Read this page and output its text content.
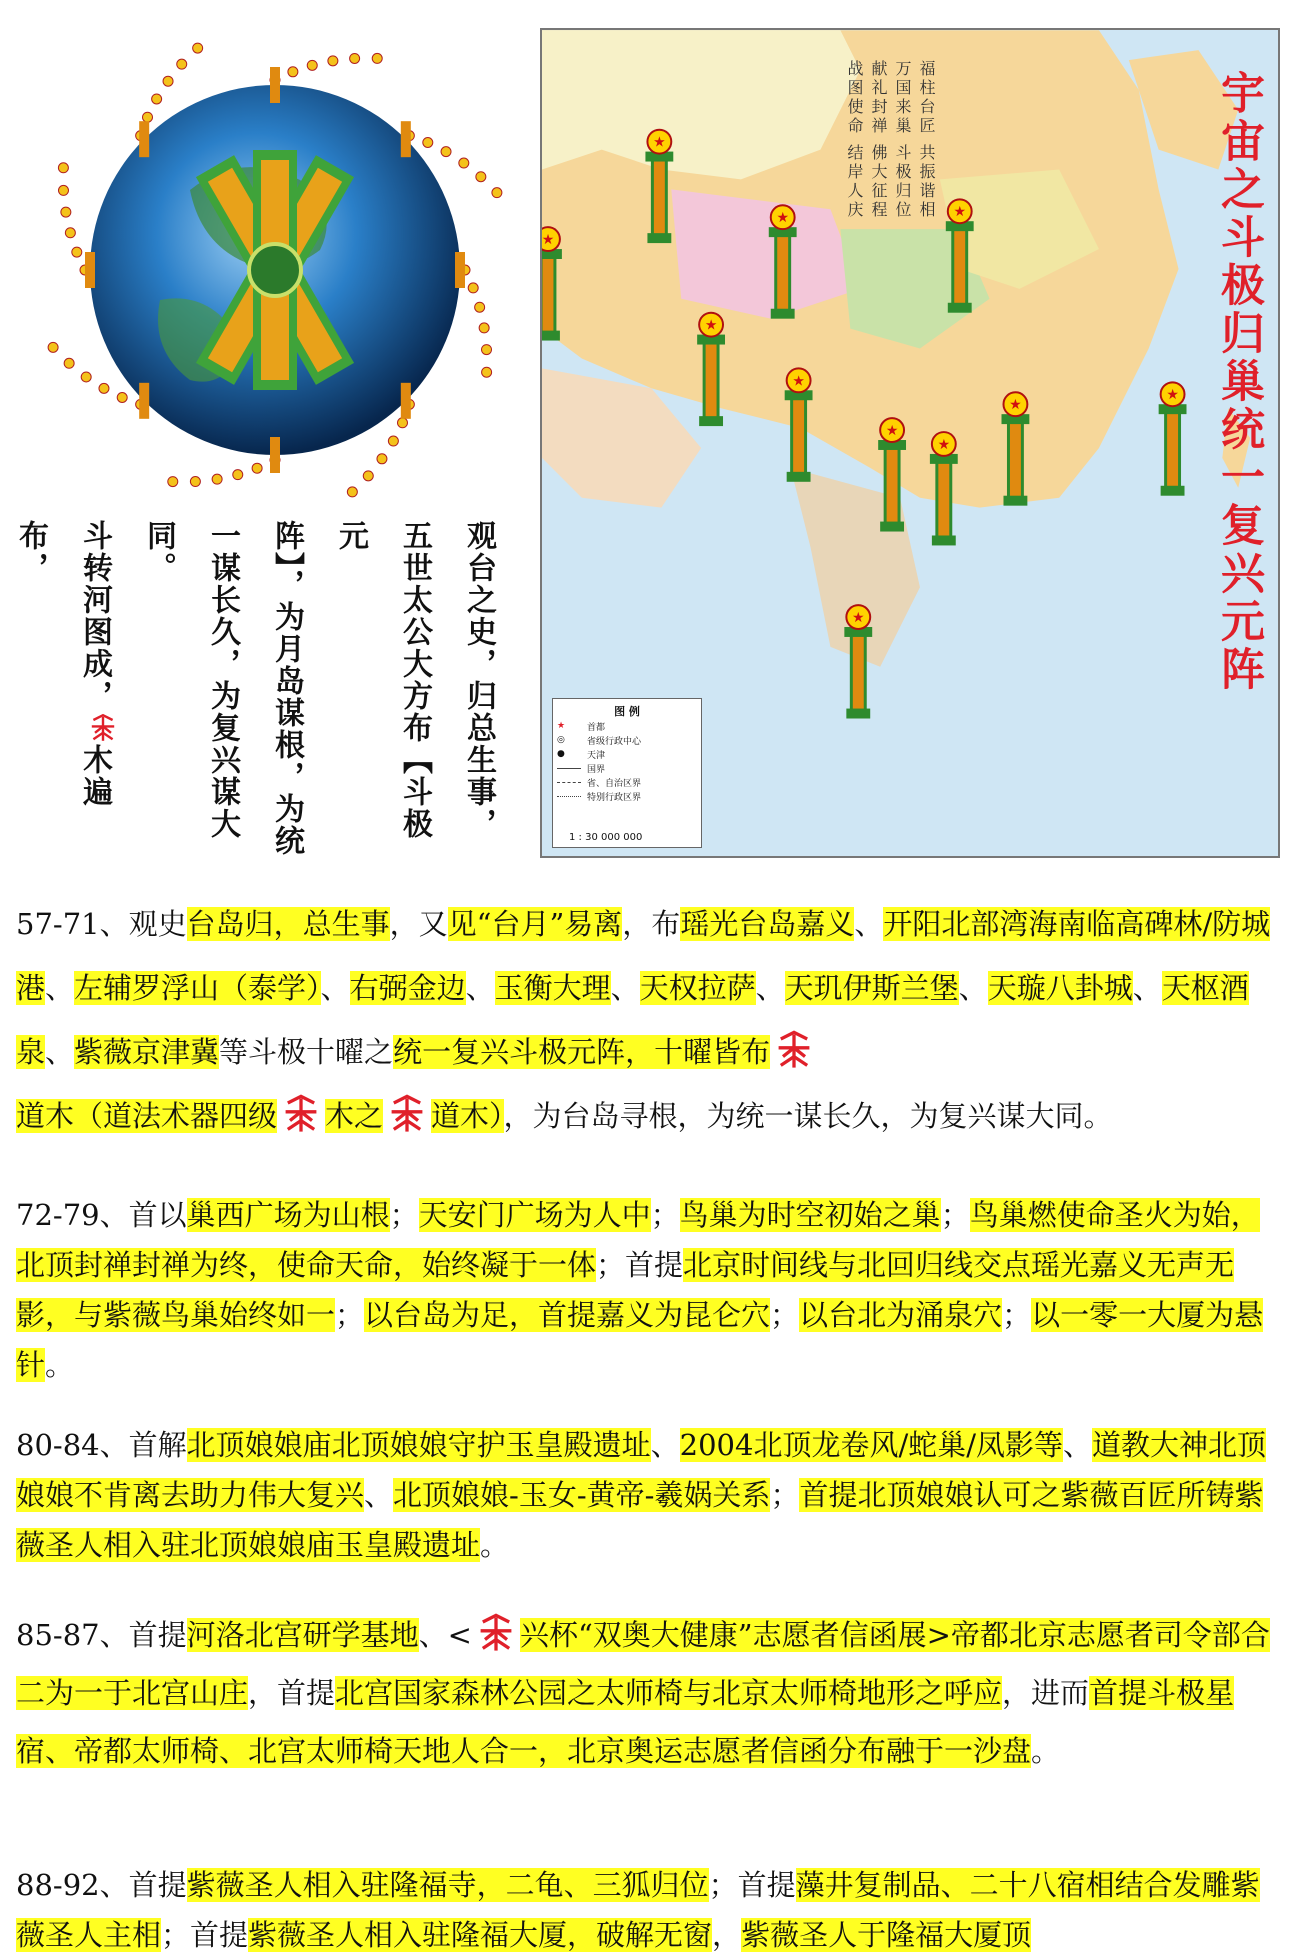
观台之史，归总生事，
五世太公大方布【斗极元
阵】，为月岛谋根，为统
一谋长久，为复兴谋大同。
斗转河图成，木遍布，
★
★	★
★
★
★
★
★
★
★
★
福柱台匠 共振谐相
万国来巢 斗极归位
献礼封禅 佛大征程
战图使命 结岸人庆	宇宙之斗极归巢统一复兴元阵
图 例
★	首都
◎	省级行政中心
●	天津
国界
省、自治区界
特别行政区界
1 : 30 000 000
57-71、观史台岛归，总生事，又见“台月”易离，布瑶光台岛嘉义、开阳北部湾海南临高碑林/防城港、左辅罗浮山（泰学）、右弼金边、玉衡大理、天权拉萨、天玑伊斯兰堡、天璇八卦城、天枢酒泉、紫薇京津冀等斗极十曜之统一复兴斗极元阵，十曜皆布
道木（道法术器四级 木之 道木），为台岛寻根，为统一谋长久，为复兴谋大同。
72-79、首以巢西广场为山根；天安门广场为人中；鸟巢为时空初始之巢；鸟巢燃使命圣火为始，北顶封禅封禅为终，使命天命，始终凝于一体；首提北京时间线与北回归线交点瑶光嘉义无声无影，与紫薇鸟巢始终如一；以台岛为足，首提嘉义为昆仑穴；以台北为涌泉穴；以一零一大厦为悬针。
80-84、首解北顶娘娘庙北顶娘娘守护玉皇殿遗址、2004北顶龙卷风/蛇巢/凤影等、道教大神北顶娘娘不肯离去助力伟大复兴、北顶娘娘-玉女-黄帝-羲娲关系；首提北顶娘娘认可之紫薇百匠所铸紫薇圣人相入驻北顶娘娘庙玉皇殿遗址。
85-87、首提河洛北宫研学基地、< 兴杯“双奥大健康”志愿者信函展>帝都北京志愿者司令部合二为一于北宫山庄，首提北宫国家森林公园之太师椅与北京太师椅地形之呼应，进而首提斗极星宿、帝都太师椅、北宫太师椅天地人合一，北京奥运志愿者信函分布融于一沙盘。
88-92、首提紫薇圣人相入驻隆福寺，二龟、三狐归位；首提藻井复制品、二十八宿相结合发雕紫薇圣人主相；首提紫薇圣人相入驻隆福大厦，破解无窗，紫薇圣人于隆福大厦顶
